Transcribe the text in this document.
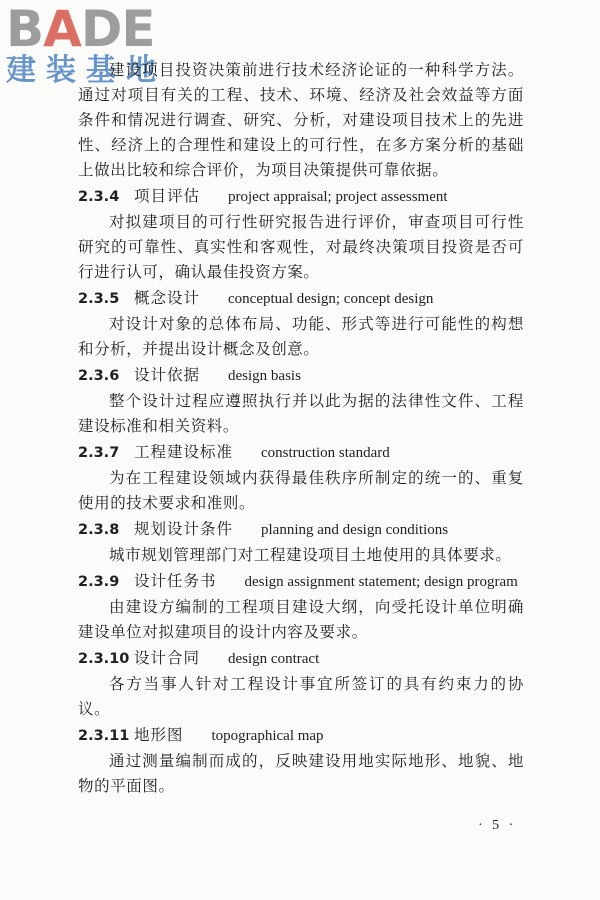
BADE
建装基地

建设项目投资决策前进行技术经济论证的一种科学方法。通过对项目有关的工程、技术、环境、经济及社会效益等方面条件和情况进行调查、研究、分析，对建设项目技术上的先进性、经济上的合理性和建设上的可行性，在多方案分析的基础上做出比较和综合评价，为项目决策提供可靠依据。

2.3.4 项目评估 project appraisal; project assessment

对拟建项目的可行性研究报告进行评价，审查项目可行性研究的可靠性、真实性和客观性，对最终决策项目投资是否可行进行认可，确认最佳投资方案。

2.3.5 概念设计 conceptual design; concept design

对设计对象的总体布局、功能、形式等进行可能性的构想和分析，并提出设计概念及创意。

2.3.6 设计依据 design basis

整个设计过程应遵照执行并以此为据的法律性文件、工程建设标准和相关资料。

2.3.7 工程建设标准 construction standard

为在工程建设领域内获得最佳秩序所制定的统一的、重复使用的技术要求和准则。

2.3.8 规划设计条件 planning and design conditions

城市规划管理部门对工程建设项目土地使用的具体要求。

2.3.9 设计任务书 design assignment statement; design program

由建设方编制的工程项目建设大纲，向受托设计单位明确建设单位对拟建项目的设计内容及要求。

2.3.10 设计合同 design contract

各方当事人针对工程设计事宜所签订的具有约束力的协议。

2.3.11 地形图 topographical map

通过测量编制而成的，反映建设用地实际地形、地貌、地物的平面图。

· 5 ·
